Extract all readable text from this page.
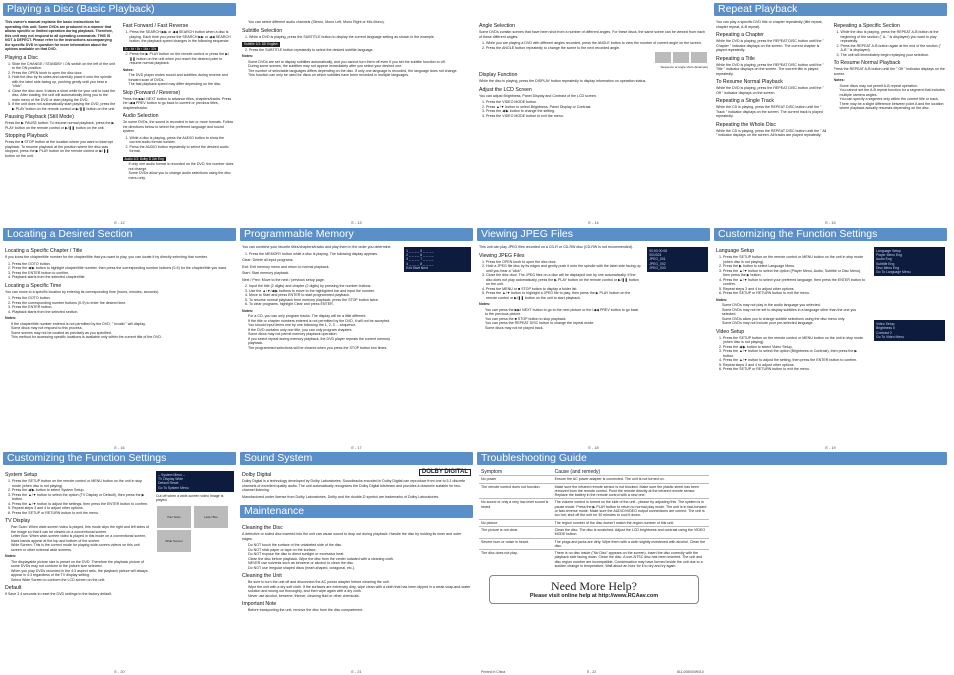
Playing a Disc (Basic Playback)

This owner's manual explains the basic instructions for operating this unit. Some DVDs are produced in a manner that allows specific or limited operation during playback. Therefore, this unit may not respond to all operating commands. THIS IS NOT A DEFECT. Please refer to the instructions accompanying the specific DVD in question for more information about the options available on that DVD.

Playing a Disc
1. Slide the CHANGE / STANDBY / ON switch on the left of the unit to the ON position.
2. Press the OPEN knob to open the disc door.
3. Hold the disc by its sides and carefully place it onto the spindle with the label side facing up, pushing gently until you hear a "click".
4. Close the disc door. It takes a short while for your unit to load the disc. After loading, the unit will automatically bring you to the main menu of the DVD or start playing the DVD.
5. If the unit does not automatically start playing the DVD, press the ▶ PLAY button on the remote control or ▶/❚❚ button on the unit.
Pausing Playback (Still Mode)

Press the ▶ PAUSE button. To resume normal playback, press the ▶ PLAY button on the remote control or ▶/❚❚ button on the unit.

Stopping Playback

Press the ■ STOP button at the location where you want to interrupt playback. To resume playback at the position where the disc was stopped, press the ▶ PLAY button on the remote control or ▶/❚❚ button on the unit.

Fast Forward / Fast Reverse
1. Press the SEARCH ▶▶ or ◀◀ SEARCH button when a disc is playing. Each time you press the SEARCH ▶▶ or ◀◀ SEARCH button, the playback speed changes in the following sequence:
2x › 4x › 8x › 16x › 32x
2. Press the ▶ PLAY button on the remote control or press the ▶/❚❚ button on the unit when you reach the desired point to resume normal playback.
Notes:
• The DVD player mutes sound and subtitles during reverse and forward scan of DVDs.
• The fast playback speed may differ depending on the disc.
Skip (Forward / Reverse)

Press the ▶▶I NEXT button to advance titles, chapters/tracks. Press the I◀◀ PREV button to go back to current or previous titles, chapters/tracks.

Audio Selection

On some DVDs, the sound is recorded in two or more formats. Follow the directions below to select the preferred language and sound system.

1. While a disc is playing, press the AUDIO button to show the current audio format number.
2. Press the AUDIO button repeatedly to select the desired audio format.
Audio 1/3: Dolby D 2ch Eng
• If only one audio format is recorded on the DVD, the number does not change.
• Some DVDs allow you to change audio selections using the disc menu only.
E - 12
• You can select different audio channels (Stereo, Mono Left, Mono Right or Mix-Mono).
Subtitle Selection
1. While a DVD is playing, press the SUBTITLE button to display the current language setting as shown in the example.
Subtitle 1/3: DD English
2. Press the SUBTITLE button repeatedly to select the desired subtitle language.
Notes:
• Some DVDs are set to display subtitles automatically, and you cannot turn them off even if you set the subtitle function to off.
• During some scenes, the subtitles may not appear immediately after you select your desired one.
• The number of selectable languages differs depending on the disc. If only one language is recorded, the language does not change.
• This function can only be used for discs on which subtitles have been recorded in multiple languages.
E - 13
Angle Selection

Some DVDs contain scenes that have been shot from a number of different angles. For these discs, the same scene can be viewed from each of these different angles.

1. While you are playing a DVD with different angles recorded, press the ANGLE button to view the number of current angle on the screen.
2. Press the ANGLE button repeatedly to change the scene to the next recorded angle.
Sequence of angle shots (Example)
Display Function

While the disc is playing, press the DISPLAY button repeatedly to display information on operation status.

Adjust the LCD Screen

You can adjust Brightness, Panel Display and Contrast of the LCD screen.

1. Press the VIDEO MODE button.
2. Press ▲/▼ button to select Brightness, Panel Display or Contrast.
3. Press the ◀/▶ button to change the setting.
4. Press the VIDEO MODE button to exit the menu.
E - 14
Repeat Playback

You can play a specific DVD title or chapter repeatedly (title repeat, chapter repeat, A-B repeat).

Repeating a Chapter

While the DVD is playing, press the REPEAT DISC button until the " Chapter " indicator displays on the screen. The current chapter is played repeatedly.

Repeating a Title

While the DVD is playing, press the REPEAT DISC button until the " Title " indicator displays on the screen. The current title is played repeatedly.

To Resume Normal Playback

While the DVD is playing, press the REPEAT DISC button until the " Off " indicator displays on the screen.

Repeating a Single Track

While the CD is playing, press the REPEAT DISC button until the " Track " indicator displays on the screen. The current track is played repeatedly.

Repeating the Whole Disc

While the CD is playing, press the REPEAT DISC button until the " All " indicator displays on the screen. All tracks are played repeatedly.

Repeating a Specific Section
1. While the disc is playing, press the REPEAT A-B button at the beginning of the section (" A- " is displayed) you want to play repeatedly.
2. Press the REPEAT A-B button again at the end of the section (" A-B " is displayed).
3. The unit will immediately begin replaying your selection.
To Resume Normal Playback

Press the REPEAT A-B button until the " Off " indicator displays on the screen.

Notes:
• Some discs may not permit A-B repeat operation.
• You cannot set the A-B repeat function for a segment that includes multiple camera angles.
• You can specify a segment only within the current title or track.
• There may be a slight difference between point A and the location where playback actually resumes depending on the disc.
E - 15
Locating a Desired Section
Locating a Specific Chapter / Title

If you know the chapter/title number for the chapter/title that you want to play, you can locate it by directly selecting that number.

1. Press the GOTO button.
2. Press the ◀/▶ button to highlight chapter/title number, then press the corresponding number buttons (0-9) for the chapter/title you want.
3. Press the ENTER button to confirm.
4. Playback starts from the selected chapter/title.
Locating a Specific Time

You can move to a specific location by entering its corresponding time (hours, minutes, seconds).

1. Press the GOTO button.
2. Press the corresponding number buttons (0-9) to enter the desired time.
3. Press the ENTER button.
4. Playback starts from the selected section.
Notes:
• If the chapter/title number entered is not permitted by the DVD, " Invalid " will display.
• Some discs may not respond to this process.
• Some scenes may not be located as precisely as you specified.
• This method for accessing specific locations is available only within the current title of the DVD.
E - 16
Programmable Memory

You can combine your favorite titles/chapters/tracks and play them in the order you determine.

1. Press the MEMORY button while a disc is playing. The following display appears.

Clear: Delete all input programs.

Exit: Exit memory menu and return to normal playback.

Start: Start memory playback.

Next / Prev: Move to the next / previous setup page.

2. Input the title (2 digits) and chapter (2 digits) by pressing the number buttons.
3. Use the ▲/▼/◀/▶ buttons to move to the highlighted bar and input the number.
4. Move to Start and press ENTER to start programmed playback.
5. To resume normal playback from memory playback, press the STOP button twice.
6. To clear programs, highlight Clear and press ENTER.
Notes:
• For a CD, you can only program tracks. The display will be a little different.
• If the title or chapter numbers entered is not permitted by the DVD, it will not be accepted.
• You should input items one by one following the 1, 2, 3 ... sequence.
• If the DVD contains only one title, you can only program chapters.
• Some discs may not permit memory playback operation.
• If you select repeat during memory playback, the DVD player repeats the current memory playback.
• The programmed selections will be cleared when you press the STOP button two times.
1 _ _ _ _ 5 _ _ _ _
2 _ _ _ _ 6 _ _ _ _
3 _ _ _ _ 7 _ _ _ _
4 _ _ _ _ 8 _ _ _ _
Exit Start Next
E - 17
Viewing JPEG Files

This unit can play JPEG files recorded on a CD-R or CD-RW disc (CD-RW is not recommended).

Viewing JPEG Files
1. Press the OPEN knob to open the disc door.
2. Hold a JPEG file disc by its edges and gently push it onto the spindle with the label side facing up until you hear a "click".
3. Close the disc door. The JPEG files on a disc will be displayed one by one automatically. If the disc does not play automatically, press the ▶ PLAY button on the remote control or ▶/❚❚ button on the unit.
4. Press the MENU or ■ STOP button to display a folder list.
5. Press the ▲/▼ button to highlight a JPEG file to play, then press the ▶ PLAY button on the remote control or ▶/❚❚ button on the unit to start playback.
Notes:
• You can press the ▶▶I NEXT button to go to the next picture or the I◀◀ PREV button to go back to the previous picture.
• You can press the ■ STOP button to stop playback.
• You can press the REPEAT DISC button to change the repeat mode.
• Some discs may not be played back.
00:00 00:06
001/024
JPEG_001
JPEG_002
JPEG_003
E - 18
Customizing the Function Settings
Language Setup
1. Press the SETUP button on the remote control or MENU button on the unit in stop mode (when disc is not playing).
2. Press the ▶ button to select Language Menu.
3. Press the ▲/▼ button to select the option (Player Menu, Audio, Subtitle or Disc Menu), then press the ▶ button.
4. Press the ▲/▼ button to select your preferred language, then press the ENTER button to confirm.
5. Repeat steps 3 and 4 to adjust other options.
6. Press the SETUP or RETURN button to exit the menu.
Notes:
• Some DVDs may not play in the audio language you selected.
• Some DVDs may not be set to display subtitles in a language other than the one you selected.
• Some DVDs allow you to change subtitle selections using the disc menu only.
• Some DVDs may not include your pre-selected language.
Video Setup
1. Press the SETUP button on the remote control or MENU button on the unit in stop mode (when disc is not playing).
2. Press the ◀/▶ button to select Video Setup.
3. Press the ▲/▼ button to select the option (Brightness or Contrast), then press the ▶ button.
4. Press the ▲/▼ button to adjust the setting, then press the ENTER button to confirm.
5. Repeat steps 3 and 4 to adjust other options.
6. Press the SETUP or RETURN button to exit the menu.
Language Setup
Player Menu Eng
Audio Eng
Subtitle Eng
Disc Menu Eng
Go To Language Menu
Video Setup
Brightness 0
Contrast 0
Go To Video Menu
E - 19
Customizing the Function Settings
System Setup
1. Press the SETUP button on the remote control or MENU button on the unit in stop mode (when disc is not playing).
2. Press the ◀/▶ button to select System Setup.
3. Press the ▲/▼ button to select the option (TV Display or Default), then press the ▶ button.
4. Press the ▲/▼ button to adjust the settings, then press the ENTER button to confirm.
5. Repeat steps 3 and 4 to adjust other options.
6. Press the SETUP or RETURN button to exit the menu.
TV Display
• Pan Scan: When wide-screen video is played, this mode clips the right and left sides of the image so that it can be viewed on a conventional screen.
• Letter Box: When wide-screen video is played in this mode on a conventional screen, black bands appear at the top and bottom of the screen.
• Wide Screen: This is the correct mode for playing wide-screen videos on this unit screen or other external wide screens.
Notes:
• The displayable picture size is preset on the DVD. Therefore the playback picture of some DVDs may not conform to the picture size selected.
• When you play DVDs recorded in the 4:3 aspect ratio, the playback picture will always appear in 4:3 regardless of the TV display setting.
• Select Wide Screen to conform the LCD screen on the unit.
Default

If Save 3 4 seconds to reset the DVD settings to the factory default.

-- System Menu --
TV Display Wide
Default Reset
Go To System Menu

Cut off when a wide-screen video image is played.

Pan Scan	Letter Box Wide Screen
E - 20
Sound System
DOLBY DIGITAL
Dolby Digital

Dolby Digital is a technology developed by Dolby Laboratories. Soundtracks encoded in Dolby Digital can reproduce from one to 5.1 discrete channels of excellent quality audio. The unit automatically recognizes the Dolby Digital bitstream and provides a downmix suitable for two-channel listening.

Manufactured under license from Dolby Laboratories. Dolby and the double-D symbol are trademarks of Dolby Laboratories.

Maintenance
Cleaning the Disc

A defective or soiled disc inserted into the unit can cause sound to drop out during playback. Handle the disc by holding its inner and outer edges.

• Do NOT touch the surface of the unlabeled side of the disc.
• Do NOT stick paper or tape on the surface.
• Do NOT expose the disc to direct sunlight or excessive heat.
• Clean the disc before playback. Wipe the disc from the center outward with a cleaning cloth.
• NEVER use solvents such as benzene or alcohol to clean the disc.
• Do NOT use irregular shaped discs (heart-shaped, octagonal, etc.).
Cleaning the Unit
• Be sure to turn the unit off and disconnect the AC power adapter before cleaning the unit.
• Wipe the unit with a dry soft cloth. If the surfaces are extremely dirty, wipe clean with a cloth that has been dipped in a weak soap-and-water solution and wrung out thoroughly, and then wipe again with a dry cloth.
• Never use alcohol, benzene, thinner, cleaning fluid or other chemicals.
Important Note
• Before transporting the unit, remove the disc from the disc compartment.
E - 21
Troubleshooting Guide
Symptom	Cause (and remedy)
No power	Ensure the AC power adapter is connected. The unit is not turned on.
The remote control does not function.	Make sure the infrared remote sensor is not blocked. Make sure the plastic sheet has been removed from the remote control. Point the remote directly at the infrared remote sensor. Replace the battery in the remote control with a new one.
No sound or only a very low-level sound is heard.	The volume control is turned on the side of the unit - please try adjusting this. The system is in pause mode. Press the ▶ PLAY button to return to normal play mode. The unit is in fast-forward or fast-reverse mode. Make sure the AUDIO/VIDEO output connections are correct. The unit is too hot; shut off the unit for 30 minutes to cool it down.
No picture	The region number of the disc doesn't match the region number of this unit.
The picture is not clear.	Clean the disc. The disc is scratched. Adjust the LCD brightness and contrast using the VIDEO MODE button.
Severe hum or noise is heard.	The plugs and jacks are dirty. Wipe them with a cloth slightly moistened with alcohol. Clean the disc.
The disc does not play.	There is no disc inside ("No Disc" appears on the screen). Insert the disc correctly with the playback side facing down. Clean the disc. A non-NTSC disc has been inserted. The unit and disc region number are incompatible. Condensation may have formed inside the unit due to a sudden change in temperature. Wait about an hour for it to dry and try again.
Need More Help?
Please visit online help at http://www.RCAav.com
Printed in China	E - 22	811-008000W010
